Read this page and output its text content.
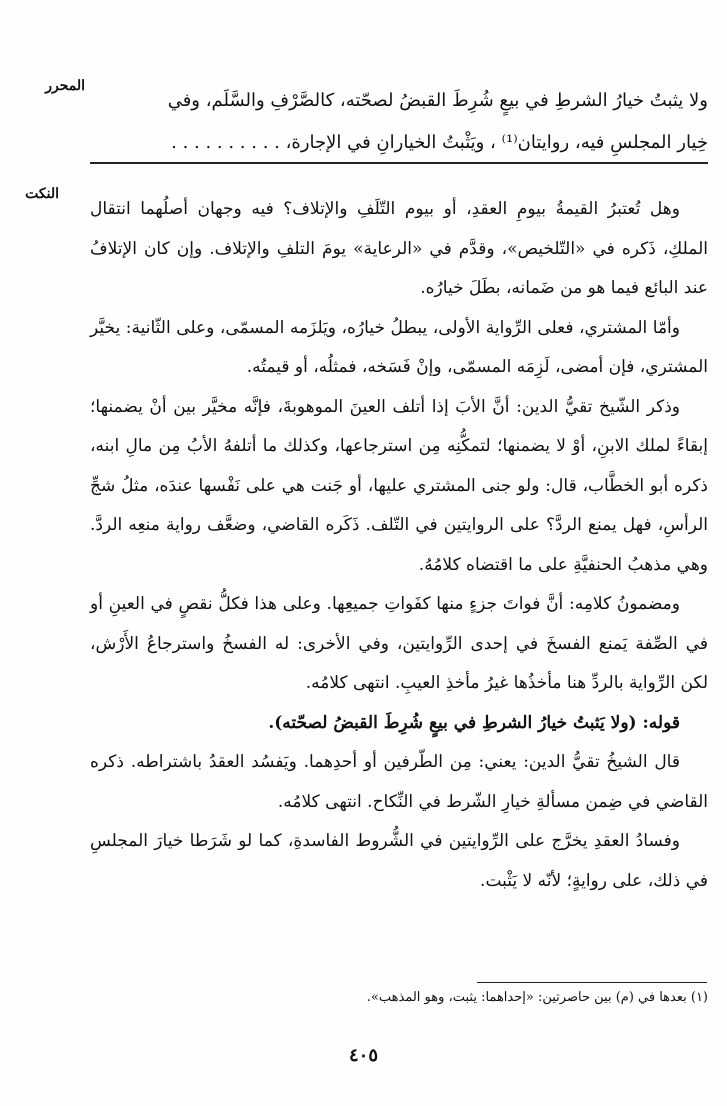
المحرر

ولا يثبتُ خيارُ الشرطِ في بيعٍ شُرِطَ القبضُ لصحّته، كالصَّرْفِ والسَّلَم، وفي

خِيار المجلسِ فيه، روايتان⁽¹⁾ ، ويَثْبتُ الخيارانِ في الإجارة، . . . . . . . . . .

النكت

وهل تُعتبرُ القيمةُ بيومِ العقدِ، أو بيوم التّلَفِ والإتلاف؟ فيه وجهان أصلُهما انتقال الملكِ، ذَكره في «التّلخيص»، وقدَّم في «الرعاية» يومَ التلفِ والإتلاف. وإن كان الإتلافُ عند البائع فيما هو من ضَمانه، بطَلَ خيارُه.

وأمّا المشتري، فعلى الرِّواية الأولى، يبطلُ خيارُه، ويَلزَمه المسمّى، وعلى الثّانية: يخيَّر المشتري، فإن أمضى، لَزِمَه المسمّى، وإنْ فَسَخه، فمثلُه، أو قيمتُه.

وذكر الشّيخ تقيُّ الدين: أنَّ الأبَ إذا أتلف العينَ الموهوبةَ، فإنَّه مخيَّر بين أنْ يضمنها؛ إبقاءً لملك الابنِ، أوْ لا يضمنها؛ لتمكُّنِه مِن استرجاعها، وكذلك ما أتلفهُ الأبُ مِن مالِ ابنه، ذكره أبو الخطَّاب، قال: ولو جنى المشتري عليها، أو جَنت هي على نَفْسها عندَه، مثلُ شجِّ الرأسِ، فهل يمنع الردَّ؟ على الروايتين في التّلف. ذَكَره القاضي، وضعَّف رواية منعِه الردَّ. وهي مذهبُ الحنفيَّةِ على ما اقتضاه كلامُهُ.

ومضمونُ كلامِه: أنَّ فواتَ جزءٍ منها كفَواتِ جميعِها. وعلى هذا فكلُّ نقصٍ في العينِ أو في الصِّفة يَمنع الفسخَ في إحدى الرِّوايتين، وفي الأخرى: له الفسخُ واسترجاعُ الأَرْش، لكن الرِّواية بالردِّ هنا مأخذُها غيرُ مأخذِ العيبِ. انتهى كلامُه.

قوله: (ولا يَثبتُ خيارُ الشرطِ في بيعٍ شُرِطَ القبضُ لصحّته).

قال الشيخُ تقيُّ الدين: يعني: مِن الطّرفين أو أحدِهما. ويَفسُد العقدُ باشتراطه. ذكره القاضي في ضِمن مسألةِ خيارِ الشّرط في النِّكاح. انتهى كلامُه.

وفسادُ العقدِ يخرَّج على الرِّوايتين في الشُّروط الفاسدةِ، كما لو شَرَطا خيارَ المجلسِ في ذلك، على روايةٍ؛ لأنّه لا يَثْبت.

(١) بعدها في (م) بين حاصرتين: «إحداهما: يثبت، وهو المذهب».
٤٠٥
